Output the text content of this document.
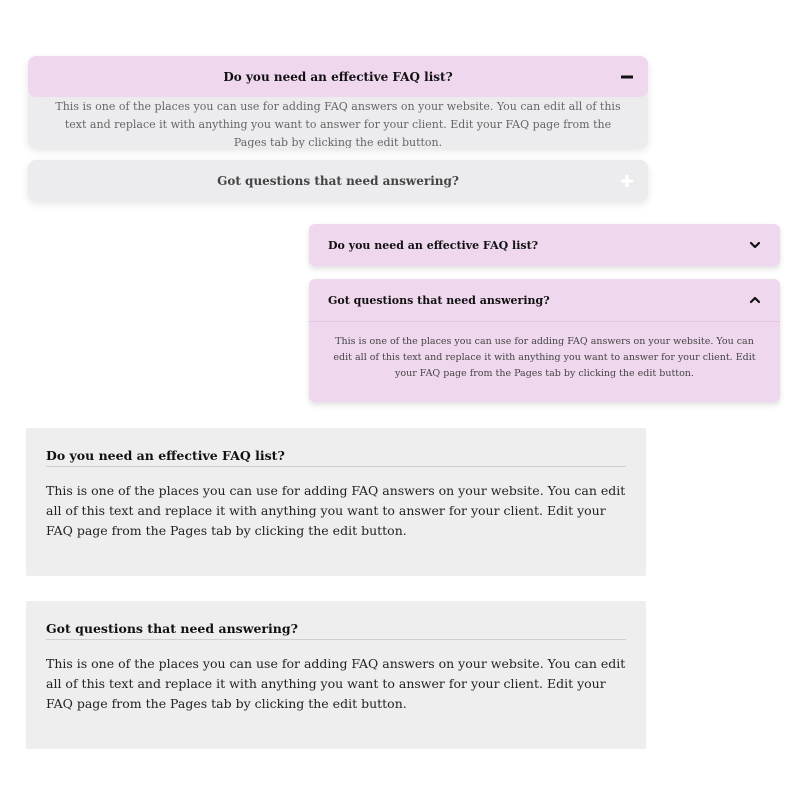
Do you need an effective FAQ list?
This is one of the places you can use for adding FAQ answers on your website. You can edit all of this text and replace it with anything you want to answer for your client. Edit your FAQ page from the Pages tab by clicking the edit button.
Got questions that need answering?
Do you need an effective FAQ list?
Got questions that need answering?
This is one of the places you can use for adding FAQ answers on your website. You can edit all of this text and replace it with anything you want to answer for your client. Edit your FAQ page from the Pages tab by clicking the edit button.
Do you need an effective FAQ list?
This is one of the places you can use for adding FAQ answers on your website. You can edit all of this text and replace it with anything you want to answer for your client. Edit your FAQ page from the Pages tab by clicking the edit button.
Got questions that need answering?
This is one of the places you can use for adding FAQ answers on your website. You can edit all of this text and replace it with anything you want to answer for your client. Edit your FAQ page from the Pages tab by clicking the edit button.
